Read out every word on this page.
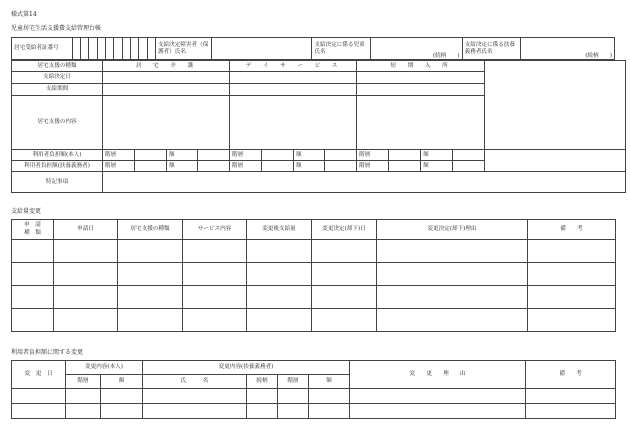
様式第14
児童居宅生活支援費支給管理台帳
居宅受給者証番号											支給決定障害者（保護者）氏名		支給決定に係る児童氏名	(続柄　　)	支給決定に係る扶養義務者氏名	(続柄　　)
居宅支援の種類	居　宅　介　護				デ　イ　サ　ー　ビ　ス				短　期　入　所				
支給決定日													
支給期間													
居宅支援の内容													
利用者負担額(本人)	階層		額		階層		額		階層		額		
利用者負担額(扶養義務者)	階層		額		階層		額		階層		額		
特記事項													
支給量変更
申　請
種　類	申請日	居宅支援の種類	サービス内容	変更後支給量	変更決定(却下)日	変更決定(却下)理由	備　　考

利用者負担額に関する変更
変　更　日	変更内容(本人)		変更内容(扶養義務者)				変　　更　　理　　由	備　　考
	階層	額	氏　　　名	続柄	階層	額		
